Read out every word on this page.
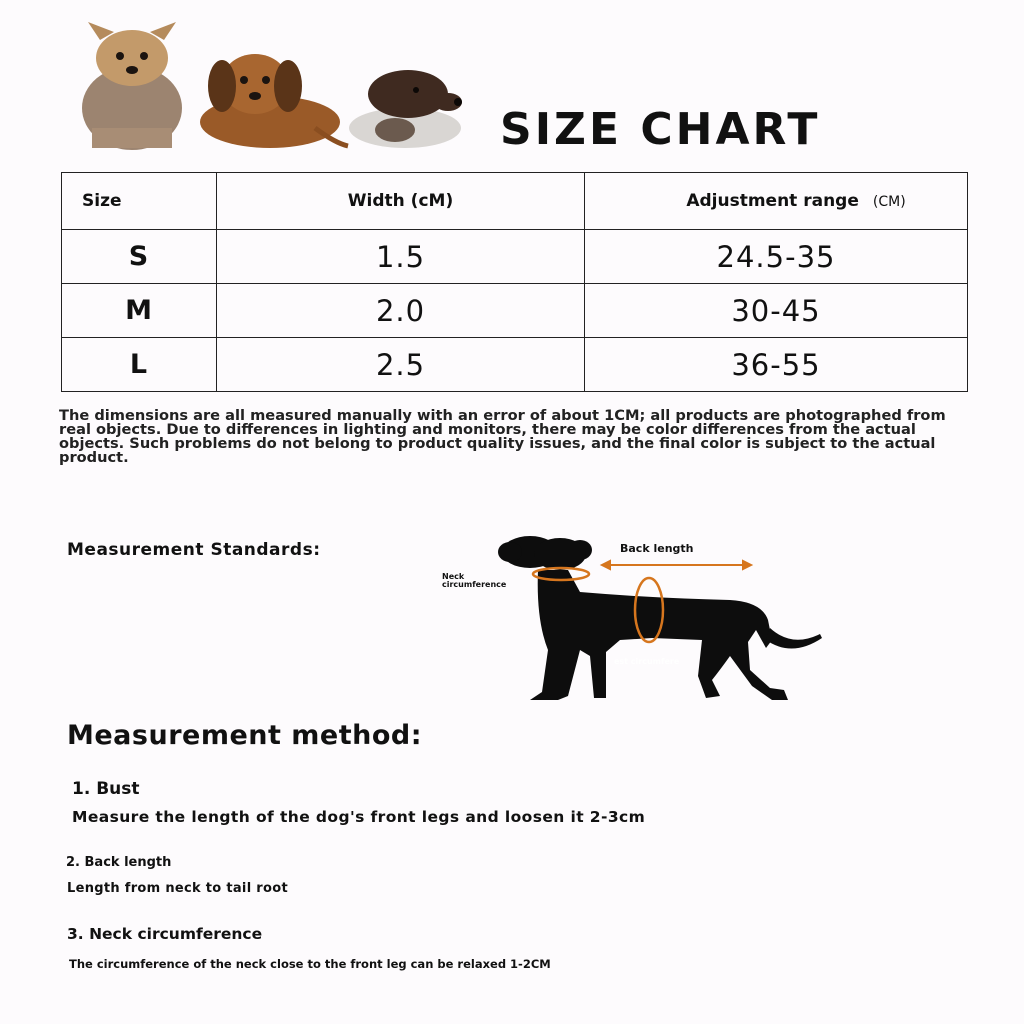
SIZE CHART
Size	Width (cM)	Adjustment range (CM)
S	1.5	24.5-35
M	2.0	30-45
L	2.5	36-55
The dimensions are all measured manually with an error of about 1CM; all products are photographed from real objects. Due to differences in lighting and monitors, there may be color differences from the actual objects. Such problems do not belong to product quality issues, and the final color is subject to the actual product.
Measurement Standards:	Back length
Neck
circumference
est circumfere
Measurement method:
1. Bust
Measure the length of the dog's front legs and loosen it 2-3cm
2. Back length
Length from neck to tail root
3. Neck circumference
The circumference of the neck close to the front leg can be relaxed 1-2CM
